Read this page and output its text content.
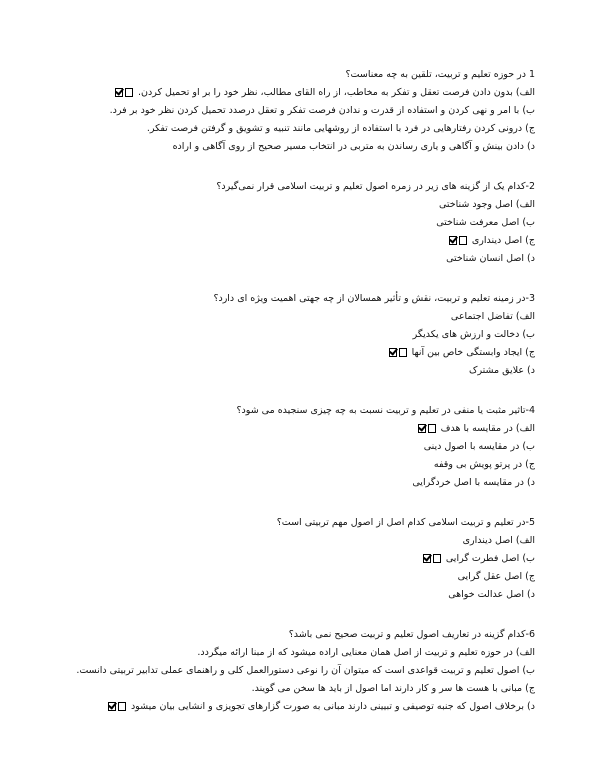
1 در حوزه تعلیم و تربیت، تلقین به چه معناست؟
الف) بدون دادن فرصت تعقل و تفکر به مخاطب، از راه القای مطالب، نظر خود را بر او تحمیل کردن.
ب) با امر و نهی کردن و استفاده از قدرت و ندادن فرصت تفکر و تعقل درصدد تحمیل کردن نظر خود بر فرد.
ج) درونی کردن رفتارهایی در فرد با استفاده از روشهایی مانند تنبیه و تشویق و گرفتن فرصت تفکر.
د) دادن بینش و آگاهی و یاری رساندن به متربی در انتخاب مسیر صحیح از روی آگاهی و اراده
2-کدام یک از گزینه های زیر در زمره اصول تعلیم و تربیت اسلامی قرار نمی‌گیرد؟
الف) اصل وجود شناختی
ب) اصل معرفت شناختی
ج) اصل دینداری
د) اصل انسان شناختی
3-در زمینه تعلیم و تربیت، نقش و تأثیر همسالان از چه جهتی اهمیت ویژه ای دارد؟
الف) تفاضل اجتماعی
ب) دخالت و ارزش های یکدیگر
ج) ایجاد وابستگی خاص بین آنها
د) علایق مشترک
4-تاثیر مثبت یا منفی در تعلیم و تربیت نسبت به چه چیزی سنجیده می شود؟
الف) در مقایسه با هدف
ب) در مقایسه با اصول دینی
ج) در پرتو پویش بی وقفه
د) در مقایسه با اصل خردگرایی
5-در تعلیم و تربیت اسلامی کدام اصل از اصول مهم تربیتی است؟
الف) اصل دینداری
ب) اصل فطرت گرایی
ج) اصل عقل گرایی
د) اصل عدالت خواهی
6-کدام گزینه در تعاریف اصول تعلیم و تربیت صحیح نمی باشد؟
الف) در حوزه تعلیم و تربیت از اصل همان معنایی اراده میشود که از مبنا ارائه میگردد.
ب) اصول تعلیم و تربیت قواعدی است که میتوان آن را نوعی دستورالعمل کلی و راهنمای عملی تدابیر تربیتی دانست.
ج) مبانی با هست ها سر و کار دارند اما اصول از باید ها سخن می گویند.
د) برخلاف اصول که جنبه توصیفی و تبیینی دارند مبانی به صورت گزارهای تجویزی و انشایی بیان میشود
